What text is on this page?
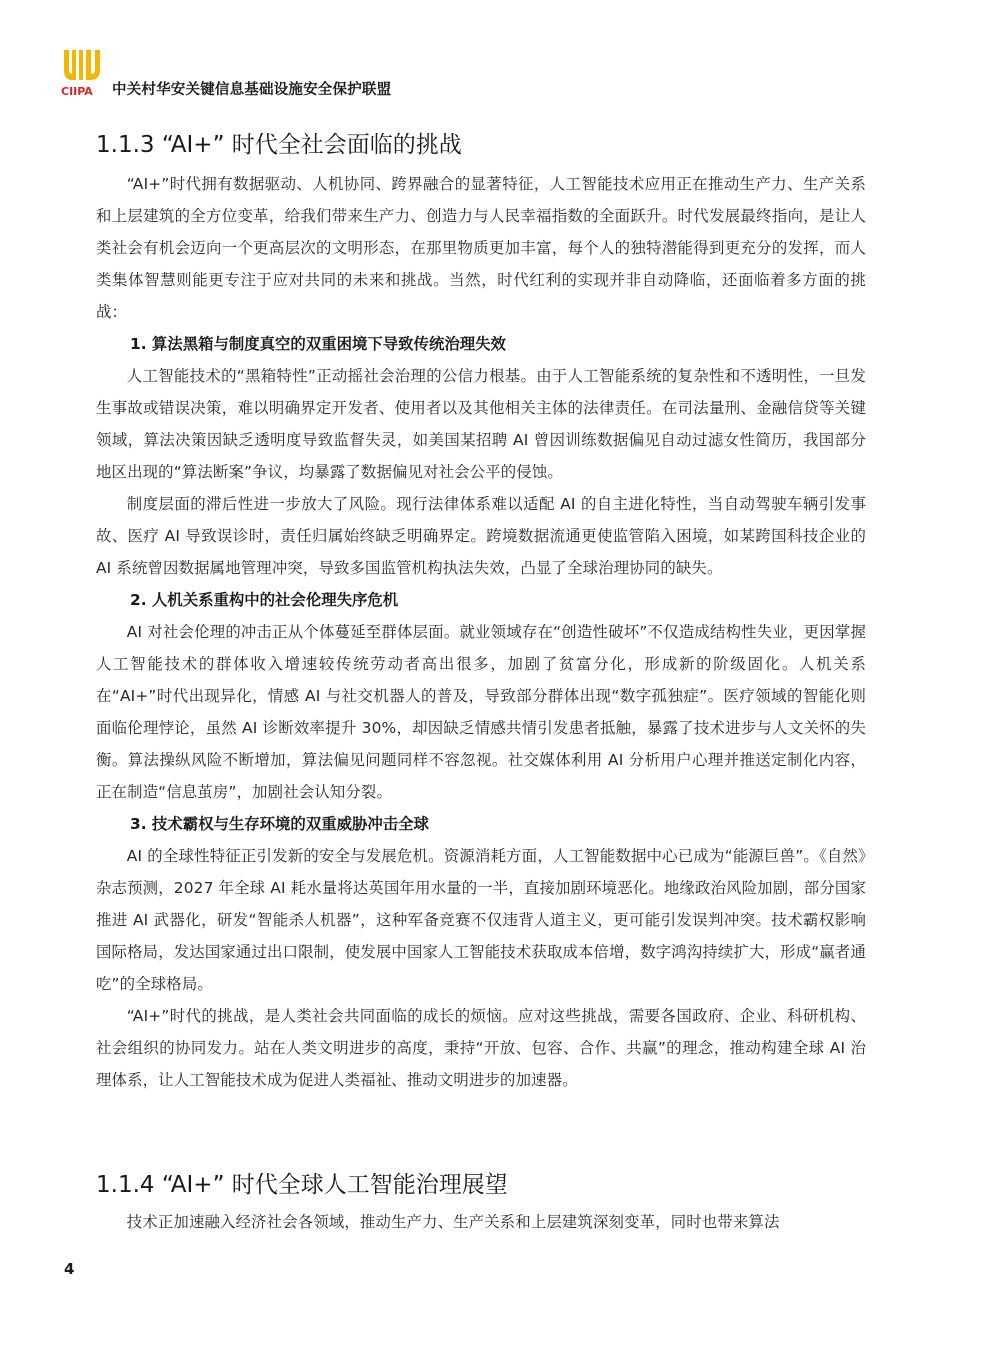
CIIPA 中关村华安关键信息基础设施安全保护联盟
1.1.3 “AI+” 时代全社会面临的挑战

“AI+”时代拥有数据驱动、人机协同、跨界融合的显著特征，人工智能技术应用正在推动生产力、生产关系和上层建筑的全方位变革，给我们带来生产力、创造力与人民幸福指数的全面跃升。时代发展最终指向，是让人类社会有机会迈向一个更高层次的文明形态，在那里物质更加丰富，每个人的独特潜能得到更充分的发挥，而人类集体智慧则能更专注于应对共同的未来和挑战。当然，时代红利的实现并非自动降临，还面临着多方面的挑战：

1. 算法黑箱与制度真空的双重困境下导致传统治理失效

人工智能技术的“黑箱特性”正动摇社会治理的公信力根基。由于人工智能系统的复杂性和不透明性，一旦发生事故或错误决策，难以明确界定开发者、使用者以及其他相关主体的法律责任。在司法量刑、金融信贷等关键领域，算法决策因缺乏透明度导致监督失灵，如美国某招聘 AI 曾因训练数据偏见自动过滤女性简历，我国部分地区出现的“算法断案”争议，均暴露了数据偏见对社会公平的侵蚀。

制度层面的滞后性进一步放大了风险。现行法律体系难以适配 AI 的自主进化特性，当自动驾驶车辆引发事故、医疗 AI 导致误诊时，责任归属始终缺乏明确界定。跨境数据流通更使监管陷入困境，如某跨国科技企业的 AI 系统曾因数据属地管理冲突，导致多国监管机构执法失效，凸显了全球治理协同的缺失。

2. 人机关系重构中的社会伦理失序危机

AI 对社会伦理的冲击正从个体蔓延至群体层面。就业领域存在“创造性破坏”不仅造成结构性失业，更因掌握人工智能技术的群体收入增速较传统劳动者高出很多，加剧了贫富分化，形成新的阶级固化。人机关系在“AI+”时代出现异化，情感 AI 与社交机器人的普及，导致部分群体出现“数字孤独症”。医疗领域的智能化则面临伦理悖论，虽然 AI 诊断效率提升 30%，却因缺乏情感共情引发患者抵触，暴露了技术进步与人文关怀的失衡。算法操纵风险不断增加，算法偏见问题同样不容忽视。社交媒体利用 AI 分析用户心理并推送定制化内容，正在制造“信息茧房”，加剧社会认知分裂。

3. 技术霸权与生存环境的双重威胁冲击全球

AI 的全球性特征正引发新的安全与发展危机。资源消耗方面，人工智能数据中心已成为“能源巨兽”。《自然》杂志预测，2027 年全球 AI 耗水量将达英国年用水量的一半，直接加剧环境恶化。地缘政治风险加剧，部分国家推进 AI 武器化，研发“智能杀人机器”，这种军备竞赛不仅违背人道主义，更可能引发误判冲突。技术霸权影响国际格局，发达国家通过出口限制，使发展中国家人工智能技术获取成本倍增，数字鸿沟持续扩大，形成“赢者通吃”的全球格局。

“AI+”时代的挑战，是人类社会共同面临的成长的烦恼。应对这些挑战，需要各国政府、企业、科研机构、社会组织的协同发力。站在人类文明进步的高度，秉持“开放、包容、合作、共赢”的理念，推动构建全球 AI 治理体系，让人工智能技术成为促进人类福祉、推动文明进步的加速器。

1.1.4 “AI+” 时代全球人工智能治理展望

技术正加速融入经济社会各领域，推动生产力、生产关系和上层建筑深刻变革，同时也带来算法

4
